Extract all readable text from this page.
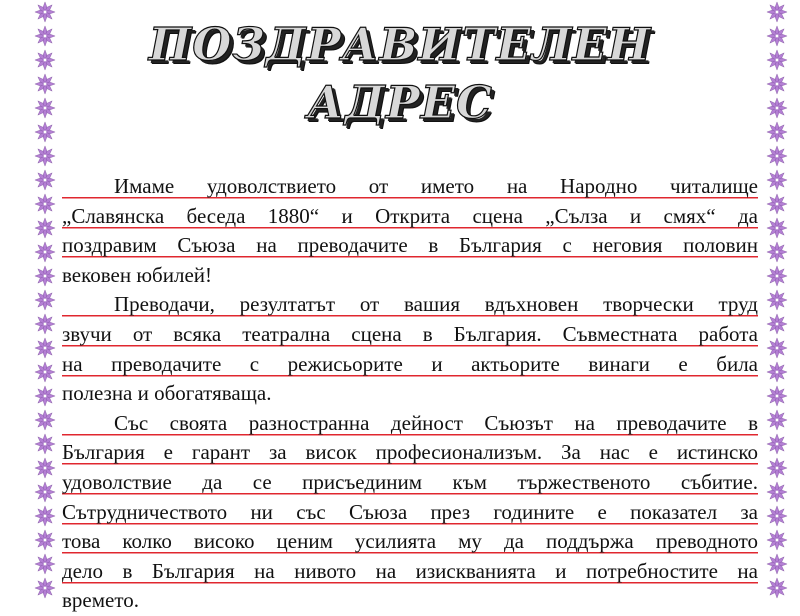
ПОЗДРАВИТЕЛЕН
АДРЕС
Имаме удоволствието от името на Народно читалище
„Славянска беседа 1880“ и Открита сцена „Сълза и смях“ да
поздравим Съюза на преводачите в България с неговия половин
вековен юбилей!
Преводачи, резултатът от вашия вдъхновен творчески труд
звучи от всяка театрална сцена в България. Съвместната работа
на преводачите с режисьорите и актьорите винаги е била
полезна и обогатяваща.
Със своята разностранна дейност Съюзът на преводачите в
България е гарант за висок професионализъм. За нас е истинско
удоволствие да се присъединим към тържественото събитие.
Сътрудничеството ни със Съюза през годините е показател за
това колко високо ценим усилията му да поддържа преводното
дело в България на нивото на изискванията и потребностите на
времето.
